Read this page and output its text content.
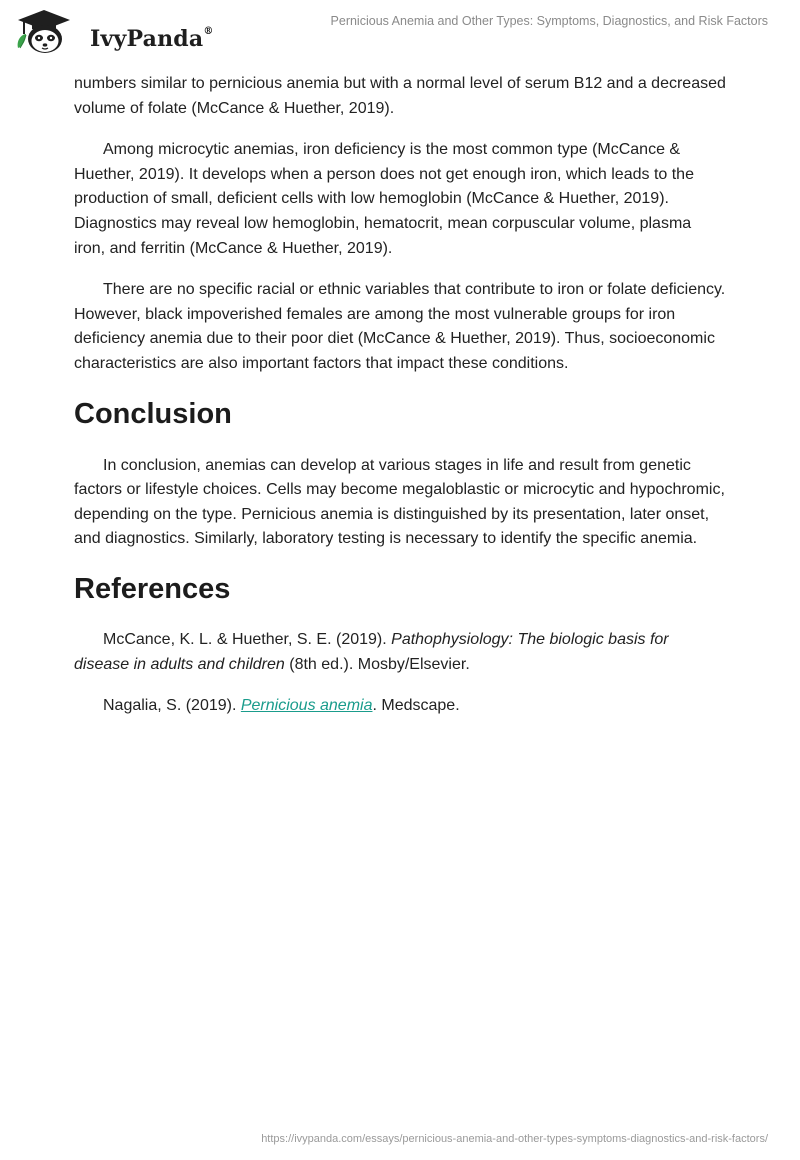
IvyPanda®
Pernicious Anemia and Other Types: Symptoms, Diagnostics, and Risk Factors

numbers similar to pernicious anemia but with a normal level of serum B12 and a decreased volume of folate (McCance & Huether, 2019).

Among microcytic anemias, iron deficiency is the most common type (McCance & Huether, 2019). It develops when a person does not get enough iron, which leads to the production of small, deficient cells with low hemoglobin (McCance & Huether, 2019). Diagnostics may reveal low hemoglobin, hematocrit, mean corpuscular volume, plasma iron, and ferritin (McCance & Huether, 2019).

There are no specific racial or ethnic variables that contribute to iron or folate deficiency. However, black impoverished females are among the most vulnerable groups for iron deficiency anemia due to their poor diet (McCance & Huether, 2019). Thus, socioeconomic characteristics are also important factors that impact these conditions.

Conclusion

In conclusion, anemias can develop at various stages in life and result from genetic factors or lifestyle choices. Cells may become megaloblastic or microcytic and hypochromic, depending on the type. Pernicious anemia is distinguished by its presentation, later onset, and diagnostics. Similarly, laboratory testing is necessary to identify the specific anemia.

References

McCance, K. L. & Huether, S. E. (2019). Pathophysiology: The biologic basis for disease in adults and children (8th ed.). Mosby/Elsevier.

Nagalia, S. (2019). Pernicious anemia. Medscape.

https://ivypanda.com/essays/pernicious-anemia-and-other-types-symptoms-diagnostics-and-risk-factors/
